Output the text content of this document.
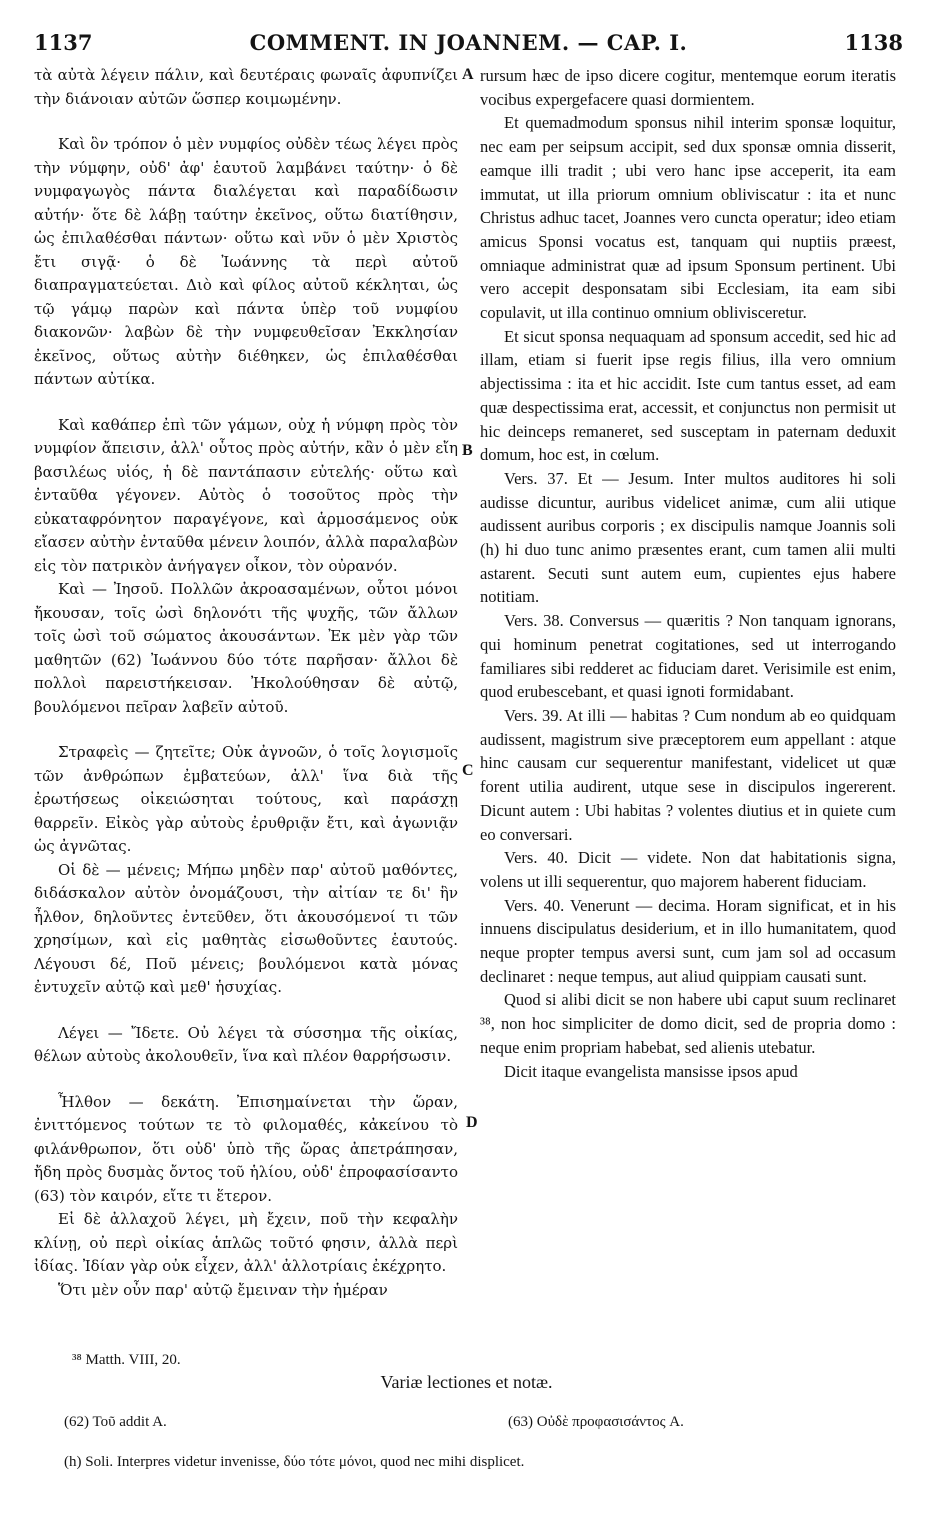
1137	COMMENT. IN JOANNEM. — CAP. I.	1138

τὰ αὐτὰ λέγειν πάλιν, καὶ δευτέραις φωναῖς ἀφυπνίζει τὴν διάνοιαν αὐτῶν ὥσπερ κοιμωμένην.

Καὶ ὃν τρόπον ὁ μὲν νυμφίος οὐδὲν τέως λέγει πρὸς τὴν νύμφην, οὐδ' ἀφ' ἑαυτοῦ λαμβάνει ταύτην· ὁ δὲ νυμφαγωγὸς πάντα διαλέγεται καὶ παραδίδωσιν αὐτήν· ὅτε δὲ λάβῃ ταύτην ἐκεῖνος, οὕτω διατίθησιν, ὡς ἐπιλαθέσθαι πάντων· οὕτω καὶ νῦν ὁ μὲν Χριστὸς ἔτι σιγᾷ· ὁ δὲ Ἰωάννης τὰ περὶ αὐτοῦ διαπραγματεύεται. Διὸ καὶ φίλος αὐτοῦ κέκληται, ὡς τῷ γάμῳ παρὼν καὶ πάντα ὑπὲρ τοῦ νυμφίου διακονῶν· λαβὼν δὲ τὴν νυμφευθεῖσαν Ἐκκλησίαν ἐκεῖνος, οὕτως αὐτὴν διέθηκεν, ὡς ἐπιλαθέσθαι πάντων αὐτίκα.

Καὶ καθάπερ ἐπὶ τῶν γάμων, οὐχ ἡ νύμφη πρὸς τὸν νυμφίον ἄπεισιν, ἀλλ' οὗτος πρὸς αὐτήν, κἂν ὁ μὲν εἴη βασιλέως υἱός, ἡ δὲ παντάπασιν εὐτελής· οὕτω καὶ ἐνταῦθα γέγονεν. Αὐτὸς ὁ τοσοῦτος πρὸς τὴν εὐκαταφρόνητον παραγέγονε, καὶ ἁρμοσάμενος οὐκ εἴασεν αὐτὴν ἐνταῦθα μένειν λοιπόν, ἀλλὰ παραλαβὼν εἰς τὸν πατρικὸν ἀνήγαγεν οἶκον, τὸν οὐρανόν.

Καὶ — Ἰησοῦ. Πολλῶν ἀκροασαμένων, οὗτοι μόνοι ἤκουσαν, τοῖς ὠσὶ δηλονότι τῆς ψυχῆς, τῶν ἄλλων τοῖς ὠσὶ τοῦ σώματος ἀκουσάντων. Ἐκ μὲν γὰρ τῶν μαθητῶν (62) Ἰωάννου δύο τότε παρῆσαν· ἄλλοι δὲ πολλοὶ παρειστήκεισαν. Ἠκολούθησαν δὲ αὐτῷ, βουλόμενοι πεῖραν λαβεῖν αὐτοῦ.

Στραφεὶς — ζητεῖτε; Οὐκ ἀγνοῶν, ὁ τοῖς λογισμοῖς τῶν ἀνθρώπων ἐμβατεύων, ἀλλ' ἵνα διὰ τῆς ἐρωτήσεως οἰκειώσηται τούτους, καὶ παράσχῃ θαρρεῖν. Εἰκὸς γὰρ αὐτοὺς ἐρυθριᾷν ἔτι, καὶ ἀγωνιᾷν ὡς ἀγνῶτας.

Οἱ δὲ — μένεις; Μήπω μηδὲν παρ' αὐτοῦ μαθόντες, διδάσκαλον αὐτὸν ὀνομάζουσι, τὴν αἰτίαν τε δι' ἣν ἦλθον, δηλοῦντες ἐντεῦθεν, ὅτι ἀκουσόμενοί τι τῶν χρησίμων, καὶ εἰς μαθητὰς εἰσωθοῦντες ἑαυτούς. Λέγουσι δέ, Ποῦ μένεις; βουλόμενοι κατὰ μόνας ἐντυχεῖν αὐτῷ καὶ μεθ' ἡσυχίας.

Λέγει — Ἴδετε. Οὐ λέγει τὰ σύσσημα τῆς οἰκίας, θέλων αὐτοὺς ἀκολουθεῖν, ἵνα καὶ πλέον θαρρήσωσιν.

Ἦλθον — δεκάτη. Ἐπισημαίνεται τὴν ὥραν, ἐνιττόμενος τούτων τε τὸ φιλομαθές, κἀκείνου τὸ φιλάνθρωπον, ὅτι οὐδ' ὑπὸ τῆς ὥρας ἀπετράπησαν, ἤδη πρὸς δυσμὰς ὄντος τοῦ ἡλίου, οὐδ' ἐπροφασίσαντο (63) τὸν καιρόν, εἴτε τι ἕτερον.

Εἰ δὲ ἀλλαχοῦ λέγει, μὴ ἔχειν, ποῦ τὴν κεφαλὴν κλίνῃ, οὐ περὶ οἰκίας ἁπλῶς τοῦτό φησιν, ἀλλὰ περὶ ἰδίας. Ἰδίαν γὰρ οὐκ εἶχεν, ἀλλ' ἀλλοτρίαις ἐκέχρητο.

Ὅτι μὲν οὖν παρ' αὐτῷ ἔμειναν τὴν ἡμέραν

A
B
C
D

rursum hæc de ipso dicere cogitur, mentemque eorum iteratis vocibus expergefacere quasi dormientem.

Et quemadmodum sponsus nihil interim sponsæ loquitur, nec eam per seipsum accipit, sed dux sponsæ omnia disserit, eamque illi tradit ; ubi vero hanc ipse acceperit, ita eam immutat, ut illa priorum omnium obliviscatur : ita et nunc Christus adhuc tacet, Joannes vero cuncta operatur; ideo etiam amicus Sponsi vocatus est, tanquam qui nuptiis præest, omniaque administrat quæ ad ipsum Sponsum pertinent. Ubi vero accepit desponsatam sibi Ecclesiam, ita eam sibi copulavit, ut illa continuo omnium oblivisceretur.

Et sicut sponsa nequaquam ad sponsum accedit, sed hic ad illam, etiam si fuerit ipse regis filius, illa vero omnium abjectissima : ita et hic accidit. Iste cum tantus esset, ad eam quæ despectissima erat, accessit, et conjunctus non permisit ut hic deinceps remaneret, sed susceptam in paternam deduxit domum, hoc est, in cœlum.

Vers. 37. Et — Jesum. Inter multos auditores hi soli audisse dicuntur, auribus videlicet animæ, cum alii utique audissent auribus corporis ; ex discipulis namque Joannis soli (h) hi duo tunc animo præsentes erant, cum tamen alii multi astarent. Secuti sunt autem eum, cupientes ejus habere notitiam.

Vers. 38. Conversus — quæritis ? Non tanquam ignorans, qui hominum penetrat cogitationes, sed ut interrogando familiares sibi redderet ac fiduciam daret. Verisimile est enim, quod erubescebant, et quasi ignoti formidabant.

Vers. 39. At illi — habitas ? Cum nondum ab eo quidquam audissent, magistrum sive præceptorem eum appellant : atque hinc causam cur sequerentur manifestant, videlicet ut quæ forent utilia audirent, utque sese in discipulos ingererent. Dicunt autem : Ubi habitas ? volentes diutius et in quiete cum eo conversari.

Vers. 40. Dicit — videte. Non dat habitationis signa, volens ut illi sequerentur, quo majorem haberent fiduciam.

Vers. 40. Venerunt — decima. Horam significat, et in his innuens discipulatus desiderium, et in illo humanitatem, quod neque propter tempus aversi sunt, cum jam sol ad occasum declinaret : neque tempus, aut aliud quippiam causati sunt.

Quod si alibi dicit se non habere ubi caput suum reclinaret ³⁸, non hoc simpliciter de domo dicit, sed de propria domo : neque enim propriam habebat, sed alienis utebatur.

Dicit itaque evangelista mansisse ipsos apud

³⁸ Matth. VIII, 20.
Variæ lectiones et notæ.
(62) Τοῦ addit A.	(63) Οὐδὲ προφασισάντος A.
(h) Soli. Interpres videtur invenisse, δύο τότε μόνοι, quod nec mihi displicet.
